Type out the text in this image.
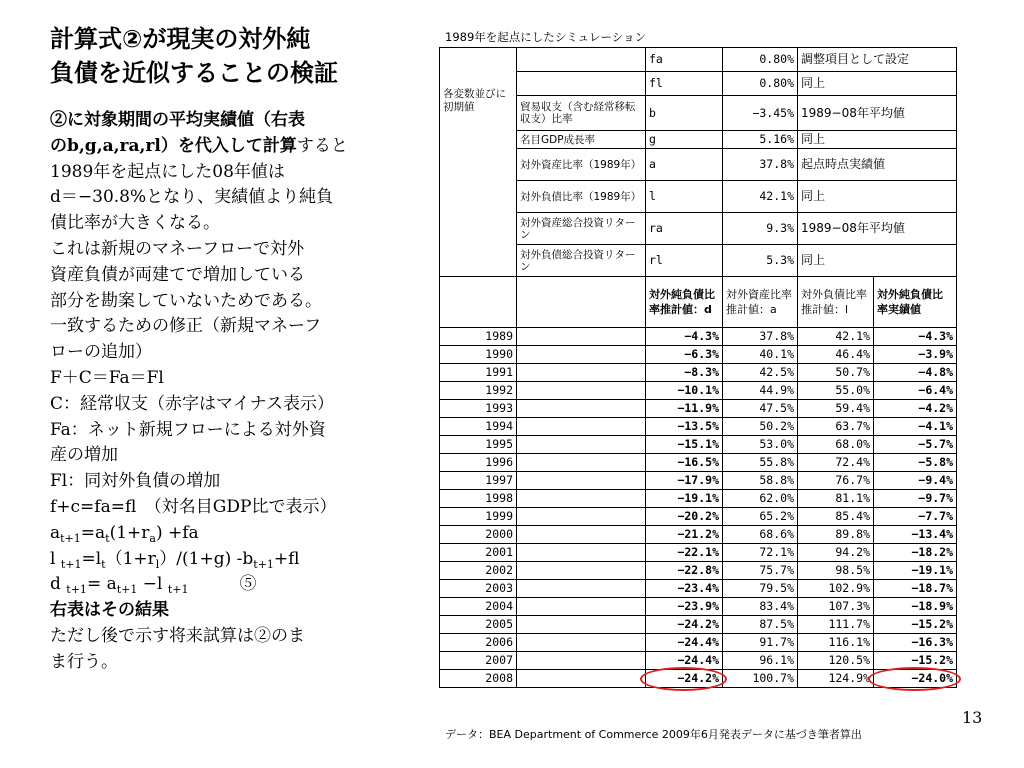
計算式②が現実の対外純
負債を近似することの検証
②に対象期間の平均実績値（右表
のb,g,a,ra,rl）を代入して計算すると
1989年を起点にした08年値は
d＝−30.8%となり、実績値より純負
債比率が大きくなる。
これは新規のマネーフローで対外
資産負債が両建てで増加している
部分を勘案していないためである。
一致するための修正（新規マネーフ
ローの追加）
F＋C＝Fa＝Fl
C：経常収支（赤字はマイナス表示）
Fa：ネット新規フローによる対外資
産の増加
Fl：同対外負債の増加
f+c=fa=fl　（対名目GDP比で表示）
$a_{t+1}=a_t(1+r_a) +fa$
l $_{t+1}=l_t(1+r_l)/(1+g)$ $-b_{t+1}+fl$
d $_{t+1}= a_{t+1} -l$ $_{t+1}$　　　⑤
右表はその結果
ただし後で示す将来試算は②のま
ま行う。
1989年を起点にしたシミュレーション
各変数並びに初期値		fa	0.80%	調整項目として設定	
		fl	0.80%	同上	
	貿易収支（含む経常移転収支）比率	b	−3.45%	1989−08年平均値	
	名目GDP成長率	g	5.16%	同上	
	対外資産比率（1989年）	a	37.8%	起点時点実績値	
	対外負債比率（1989年）	l	42.1%	同上	
	対外資産総合投資リターン	ra	9.3%	1989−08年平均値	
	対外負債総合投資リターン	rl	5.3%	同上	
		対外純負債比率推計値：d	対外資産比率推計値：a	対外負債比率推計値：l	対外純負債比率実績値
1989		−4.3%	37.8%	42.1%	−4.3%
1990		−6.3%	40.1%	46.4%	−3.9%
1991		−8.3%	42.5%	50.7%	−4.8%
1992		−10.1%	44.9%	55.0%	−6.4%
1993		−11.9%	47.5%	59.4%	−4.2%
1994		−13.5%	50.2%	63.7%	−4.1%
1995		−15.1%	53.0%	68.0%	−5.7%
1996		−16.5%	55.8%	72.4%	−5.8%
1997		−17.9%	58.8%	76.7%	−9.4%
1998		−19.1%	62.0%	81.1%	−9.7%
1999		−20.2%	65.2%	85.4%	−7.7%
2000		−21.2%	68.6%	89.8%	−13.4%
2001		−22.1%	72.1%	94.2%	−18.2%
2002		−22.8%	75.7%	98.5%	−19.1%
2003		−23.4%	79.5%	102.9%	−18.7%
2004		−23.9%	83.4%	107.3%	−18.9%
2005		−24.2%	87.5%	111.7%	−15.2%
2006		−24.4%	91.7%	116.1%	−16.3%
2007		−24.4%	96.1%	120.5%	−15.2%
2008		−24.2%	100.7%	124.9%	−24.0%
データ：BEA Department of Commerce 2009年6月発表データに基づき筆者算出
13
